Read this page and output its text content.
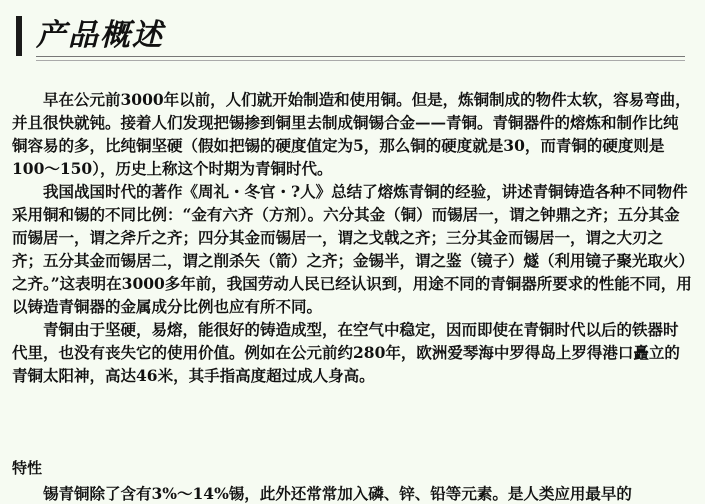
产品概述

早在公元前3000年以前，人们就开始制造和使用铜。但是，炼铜制成的物件太软，容易弯曲，并且很快就钝。接着人们发现把锡掺到铜里去制成铜锡合金——青铜。青铜器件的熔炼和制作比纯铜容易的多，比纯铜坚硬（假如把锡的硬度值定为5，那么铜的硬度就是30，而青铜的硬度则是100～150），历史上称这个时期为青铜时代。

我国战国时代的著作《周礼・冬官・?人》总结了熔炼青铜的经验，讲述青铜铸造各种不同物件采用铜和锡的不同比例：“金有六齐（方剂）。六分其金（铜）而锡居一，谓之钟鼎之齐；五分其金而锡居一，谓之斧斤之齐；四分其金而锡居一，谓之戈戟之齐；三分其金而锡居一，谓之大刃之齐；五分其金而锡居二，谓之削杀矢（箭）之齐；金锡半，谓之鉴（镜子）燧（利用镜子聚光取火）之齐。”这表明在3000多年前，我国劳动人民已经认识到，用途不同的青铜器所要求的性能不同，用以铸造青铜器的金属成分比例也应有所不同。

青铜由于坚硬，易熔，能很好的铸造成型，在空气中稳定，因而即使在青铜时代以后的铁器时代里，也没有丧失它的使用价值。例如在公元前约280年，欧洲爱琴海中罗得岛上罗得港口矗立的青铜太阳神，高达46米，其手指高度超过成人身高。

特性
锡青铜除了含有3%～14%锡，此外还常常加入磷、锌、铅等元素。是人类应用最早的
